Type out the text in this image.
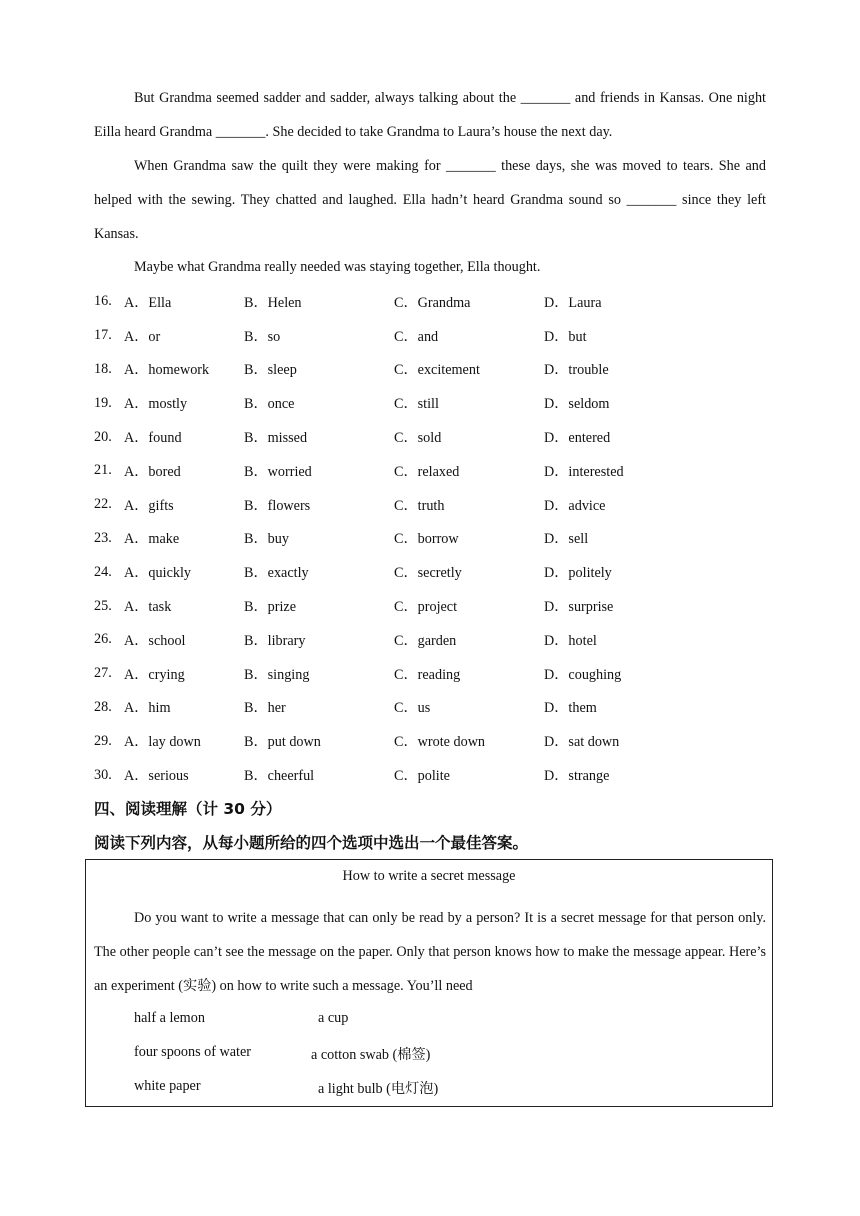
But Grandma seemed sadder and sadder, always talking about the _______ and friends in Kansas. One night Eilla heard Grandma _______. She decided to take Grandma to Laura’s house the next day.

When Grandma saw the quilt they were making for _______ these days, she was moved to tears. She and helped with the sewing. They chatted and laughed. Ella hadn’t heard Grandma sound so _______ since they left Kansas.

Maybe what Grandma really needed was staying together, Ella thought.

16. A．Ella	B．Helen	C．Grandma	D．Laura
17. A．or	B．so	C．and	D．but
18. A．homework	B．sleep	C．excitement	D．trouble
19. A．mostly	B．once	C．still	D．seldom
20. A．found	B．missed	C．sold	D．entered
21. A．bored	B．worried	C．relaxed	D．interested
22. A．gifts	B．flowers	C．truth	D．advice
23. A．make	B．buy	C．borrow	D．sell
24. A．quickly	B．exactly	C．secretly	D．politely
25. A．task	B．prize	C．project	D．surprise
26. A．school	B．library	C．garden	D．hotel
27. A．crying	B．singing	C．reading	D．coughing
28. A．him	B．her	C．us	D．them
29. A．lay down	B．put down	C．wrote down	D．sat down
30. A．serious	B．cheerful	C．polite	D．strange

四、阅读理解（计 30 分）

阅读下列内容，从每小题所给的四个选项中选出一个最佳答案。

How to write a secret message

Do you want to write a message that can only be read by a person? It is a secret message for that person only. The other people can’t see the message on the paper. Only that person knows how to make the message appear. Here’s an experiment (实验) on how to write such a message. You’ll need

half a lemon	a cup
four spoons of water	a cotton swab (棉签)
white paper	a light bulb (电灯泡)
